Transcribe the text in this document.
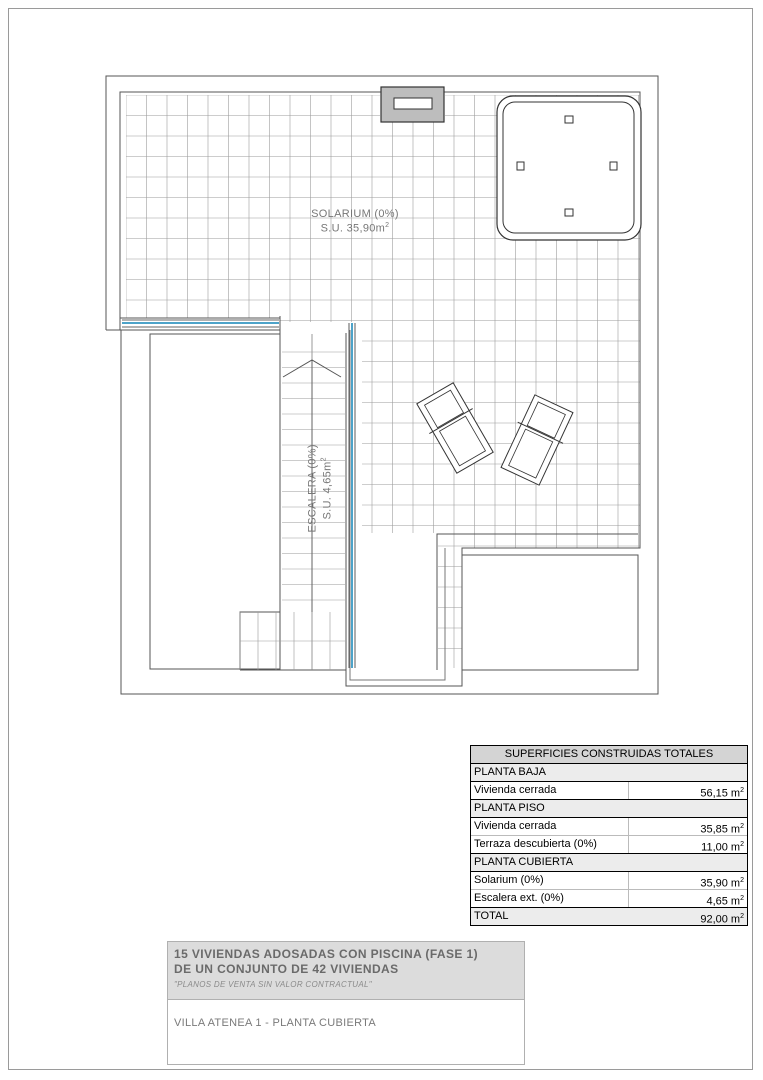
SOLARIUM (0%)
S.U. $35,90m^2$
ESCALERA (0%) S.U. $4,65m^2$
SUPERFICIES CONSTRUIDAS TOTALES
PLANTA BAJA
Vivienda cerrada	56,15 $m^2$
PLANTA PISO
Vivienda cerrada	35,85 $m^2$
Terraza descubierta (0%)	11,00 $m^2$
PLANTA CUBIERTA
Solarium (0%)	35,90 $m^2$
Escalera ext. (0%)	4,65 $m^2$
TOTAL	92,00 $m^2$
15 VIVIENDAS ADOSADAS CON PISCINA (FASE 1)
DE UN CONJUNTO DE 42 VIVIENDAS
"PLANOS DE VENTA SIN VALOR CONTRACTUAL"
VILLA ATENEA 1 - PLANTA CUBIERTA
